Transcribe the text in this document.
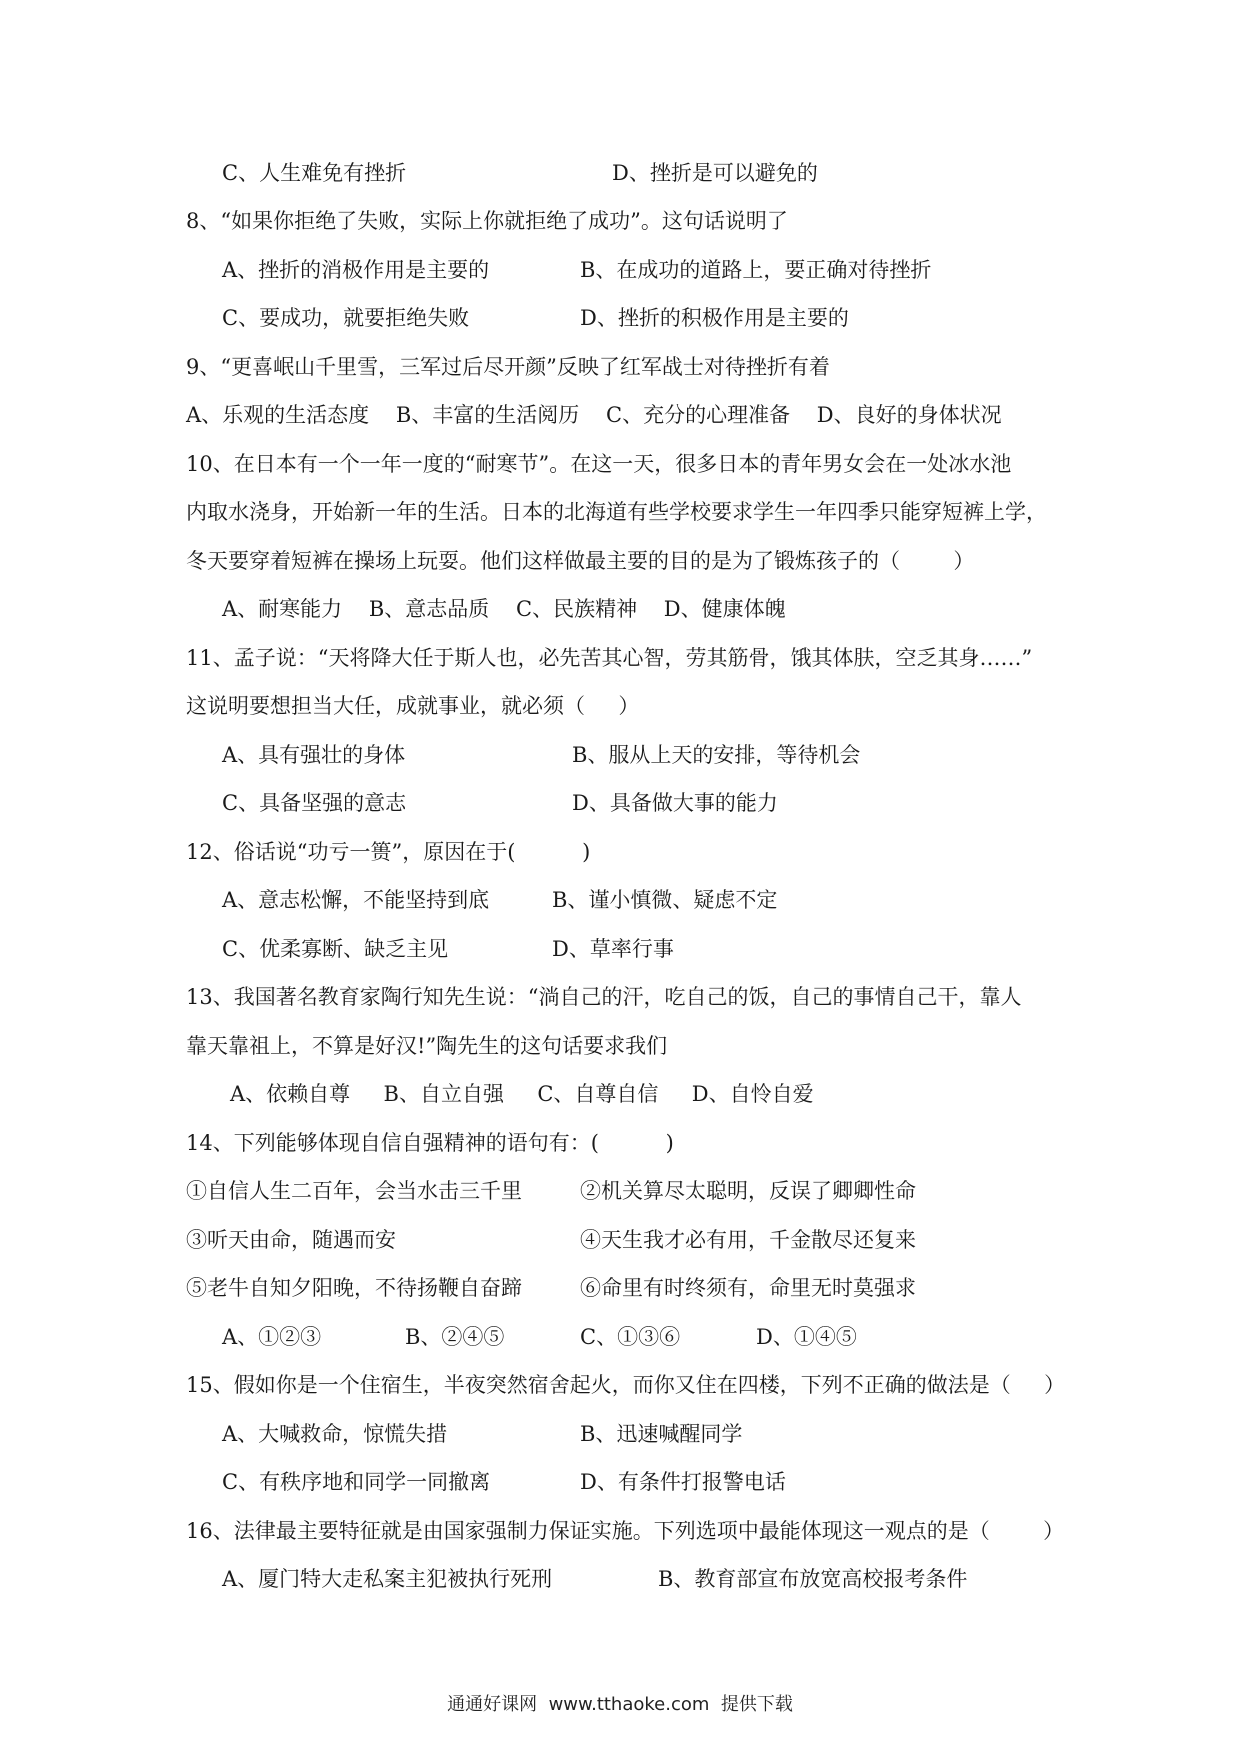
C、人生难免有挫折	D、挫折是可以避免的
8、“如果你拒绝了失败，实际上你就拒绝了成功”。这句话说明了
A、挫折的消极作用是主要的	B、在成功的道路上，要正确对待挫折
C、要成功，就要拒绝失败	D、挫折的积极作用是主要的
9、“更喜岷山千里雪，三军过后尽开颜”反映了红军战士对待挫折有着
A、乐观的生活态度    B、丰富的生活阅历    C、充分的心理准备    D、良好的身体状况
10、在日本有一个一年一度的“耐寒节”。在这一天，很多日本的青年男女会在一处冰水池
内取水浇身，开始新一年的生活。日本的北海道有些学校要求学生一年四季只能穿短裤上学，
冬天要穿着短裤在操场上玩耍。他们这样做最主要的目的是为了锻炼孩子的（        ）
A、耐寒能力    B、意志品质    C、民族精神    D、健康体魄
11、孟子说：“天将降大任于斯人也，必先苦其心智，劳其筋骨，饿其体肤，空乏其身……”
这说明要想担当大任，成就事业，就必须（     ）
A、具有强壮的身体	B、服从上天的安排，等待机会
C、具备坚强的意志	D、具备做大事的能力
12、俗话说“功亏一篑”，原因在于(          )
A、意志松懈，不能坚持到底	B、谨小慎微、疑虑不定
C、优柔寡断、缺乏主见	D、草率行事
13、我国著名教育家陶行知先生说：“淌自己的汗，吃自己的饭，自己的事情自己干，靠人
靠天靠祖上，不算是好汉!”陶先生的这句话要求我们
A、依赖自尊     B、自立自强     C、自尊自信     D、自怜自爱
14、下列能够体现自信自强精神的语句有：(          )
①自信人生二百年，会当水击三千里	②机关算尽太聪明，反误了卿卿性命
③听天由命，随遇而安	④天生我才必有用，千金散尽还复来
⑤老牛自知夕阳晚，不待扬鞭自奋蹄	⑥命里有时终须有，命里无时莫强求
A、①②③	B、②④⑤	C、①③⑥	D、①④⑤
15、假如你是一个住宿生，半夜突然宿舍起火，而你又住在四楼，下列不正确的做法是（     ）
A、大喊救命，惊慌失措	B、迅速喊醒同学
C、有秩序地和同学一同撤离	D、有条件打报警电话
16、法律最主要特征就是由国家强制力保证实施。下列选项中最能体现这一观点的是（        ）
A、厦门特大走私案主犯被执行死刑	B、教育部宣布放宽高校报考条件
通通好课网  www.tthaoke.com  提供下载
